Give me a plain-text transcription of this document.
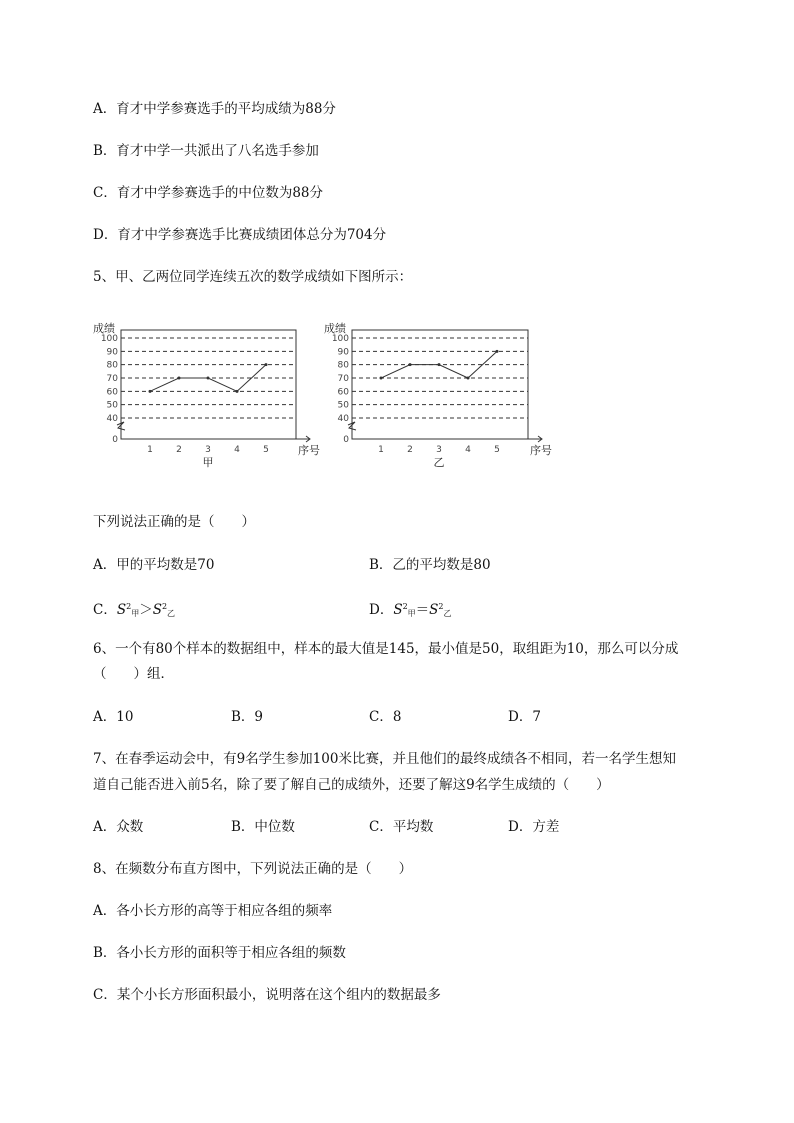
A．育才中学参赛选手的平均成绩为88分
B．育才中学一共派出了八名选手参加
C．育才中学参赛选手的中位数为88分
D．育才中学参赛选手比赛成绩团体总分为704分
5、甲、乙两位同学连续五次的数学成绩如下图所示：
100
90
80
70
60
50
40
0
成绩
序号
1	2	3	4	5
甲
100
90
80
70
60
50
40
0
成绩
序号
1	2	3	4	5
乙
下列说法正确的是（　　）
A．甲的平均数是70	B．乙的平均数是80
C．$S^2_甲>S^2_乙$	D．$S^2_甲=S^2_乙$
6、一个有80个样本的数据组中，样本的最大值是145，最小值是50，取组距为10，那么可以分成
（　　）组．
A．10	B．9	C．8	D．7
7、在春季运动会中，有9名学生参加100米比赛，并且他们的最终成绩各不相同，若一名学生想知
道自己能否进入前5名，除了要了解自己的成绩外，还要了解这9名学生成绩的（　　）
A．众数	B．中位数	C．平均数	D．方差
8、在频数分布直方图中，下列说法正确的是（　　）
A．各小长方形的高等于相应各组的频率
B．各小长方形的面积等于相应各组的频数
C．某个小长方形面积最小，说明落在这个组内的数据最多
